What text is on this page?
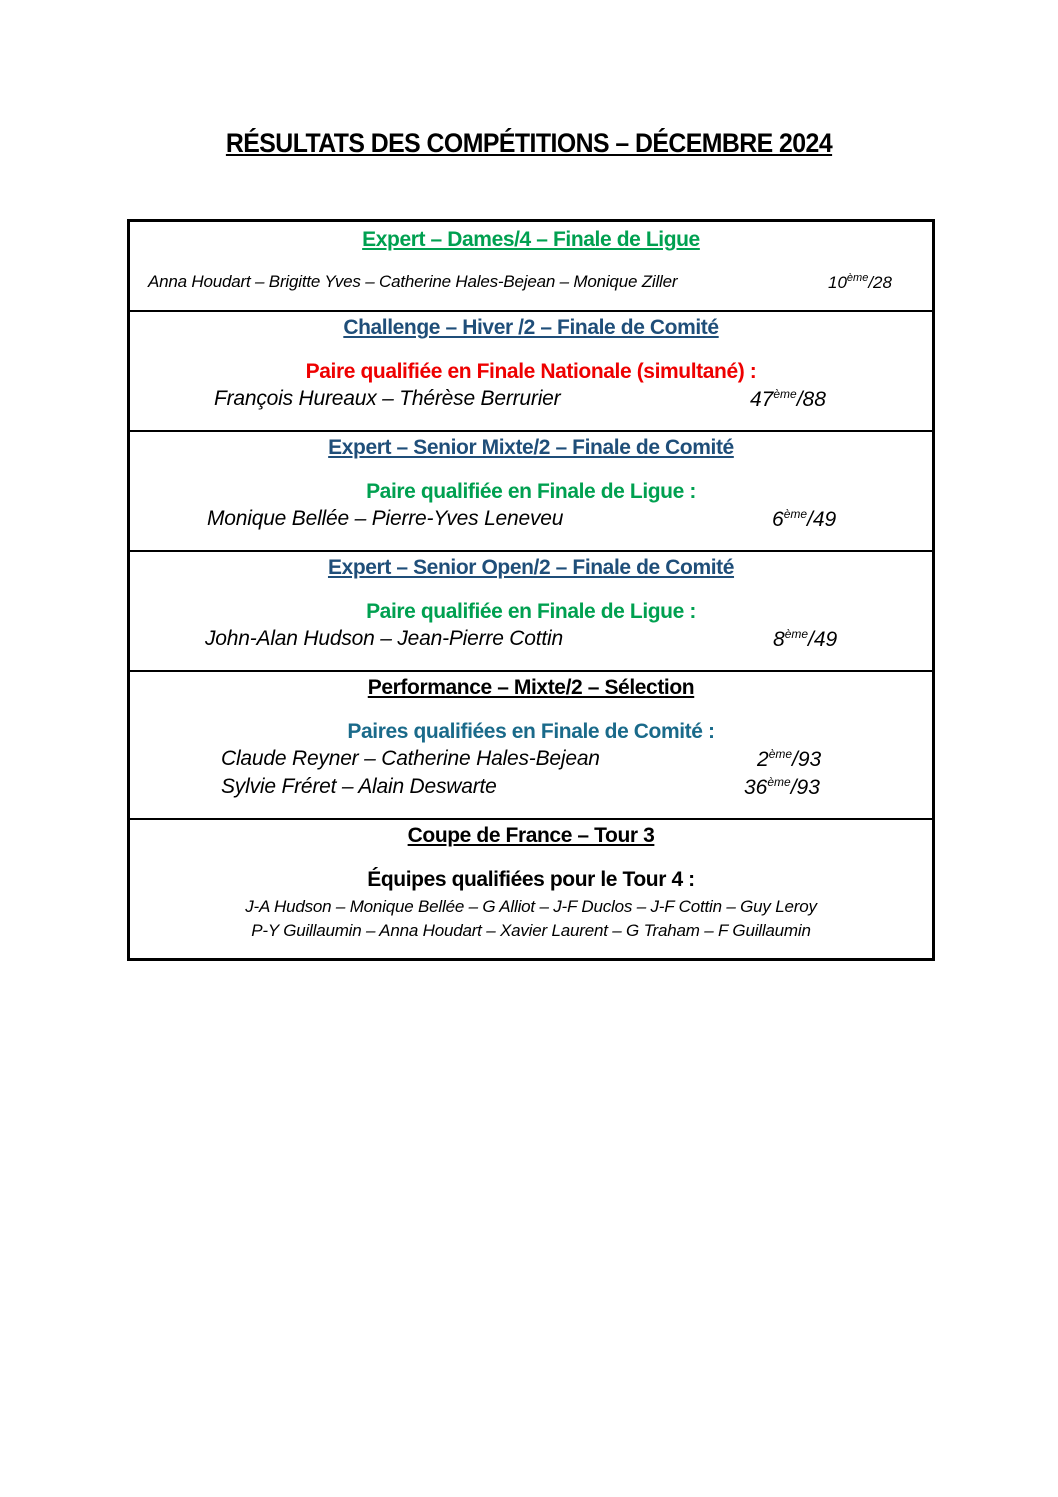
RÉSULTATS DES COMPÉTITIONS – DÉCEMBRE 2024
Expert – Dames/4 – Finale de Ligue
Anna Houdart – Brigitte Yves – Catherine Hales-Bejean – Monique Ziller	10ème/28
Challenge – Hiver /2 – Finale de Comité
Paire qualifiée en Finale Nationale (simultané) :
François Hureaux – Thérèse Berrurier	47ème/88
Expert – Senior Mixte/2 – Finale de Comité
Paire qualifiée en Finale de Ligue :
Monique Bellée – Pierre-Yves Leneveu	6ème/49
Expert – Senior Open/2 – Finale de Comité
Paire qualifiée en Finale de Ligue :
John-Alan Hudson – Jean-Pierre Cottin	8ème/49
Performance – Mixte/2 – Sélection
Paires qualifiées en Finale de Comité :
Claude Reyner – Catherine Hales-Bejean	2ème/93
Sylvie Fréret – Alain Deswarte	36ème/93
Coupe de France – Tour 3
Équipes qualifiées pour le Tour 4 :
J-A Hudson – Monique Bellée – G Alliot – J-F Duclos – J-F Cottin – Guy Leroy
P-Y Guillaumin – Anna Houdart – Xavier Laurent – G Traham – F Guillaumin
